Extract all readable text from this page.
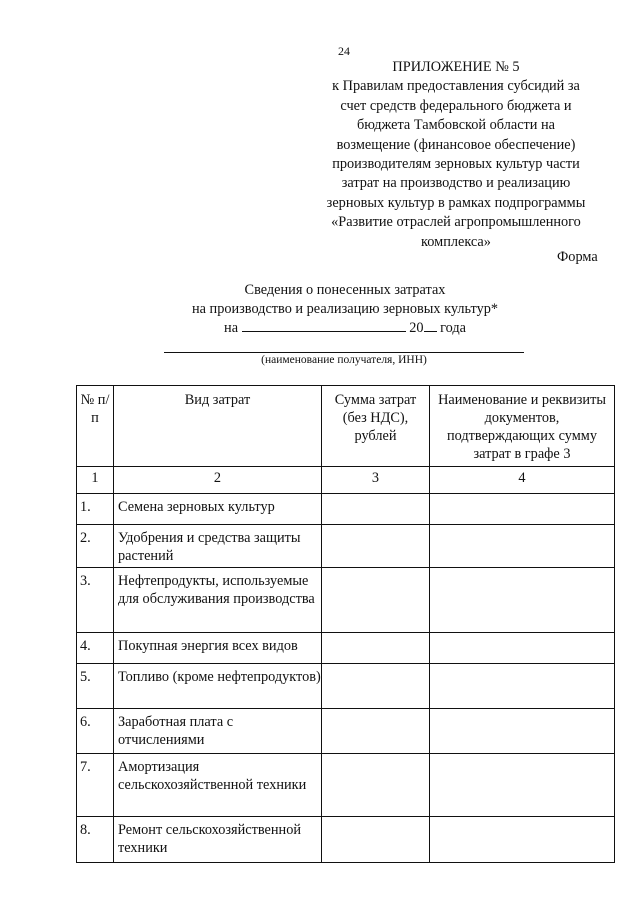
24
ПРИЛОЖЕНИЕ № 5
к Правилам предоставления субсидий за
счет средств федерального бюджета и
бюджета Тамбовской области на
возмещение (финансовое обеспечение)
производителям зерновых культур части
затрат на производство и реализацию
зерновых культур в рамках подпрограммы
«Развитие отраслей агропромышленного
комплекса»
Форма
Сведения о понесенных затратах
на производство и реализацию зерновых культур*
на	20 года
(наименование получателя, ИНН)
№ п/п	Вид затрат	Сумма затрат (без НДС), рублей	Наименование и реквизиты документов, подтверждающих сумму затрат в графе 3
1	2	3	4
1.	Семена зерновых культур		
2.	Удобрения и средства защиты растений		
3.	Нефтепродукты, используемые для обслуживания производства		
4.	Покупная энергия всех видов		
5.	Топливо (кроме нефтепродуктов)		
6.	Заработная плата с отчислениями		
7.	Амортизация сельскохозяйственной техники		
8.	Ремонт сельскохозяйственной техники		
